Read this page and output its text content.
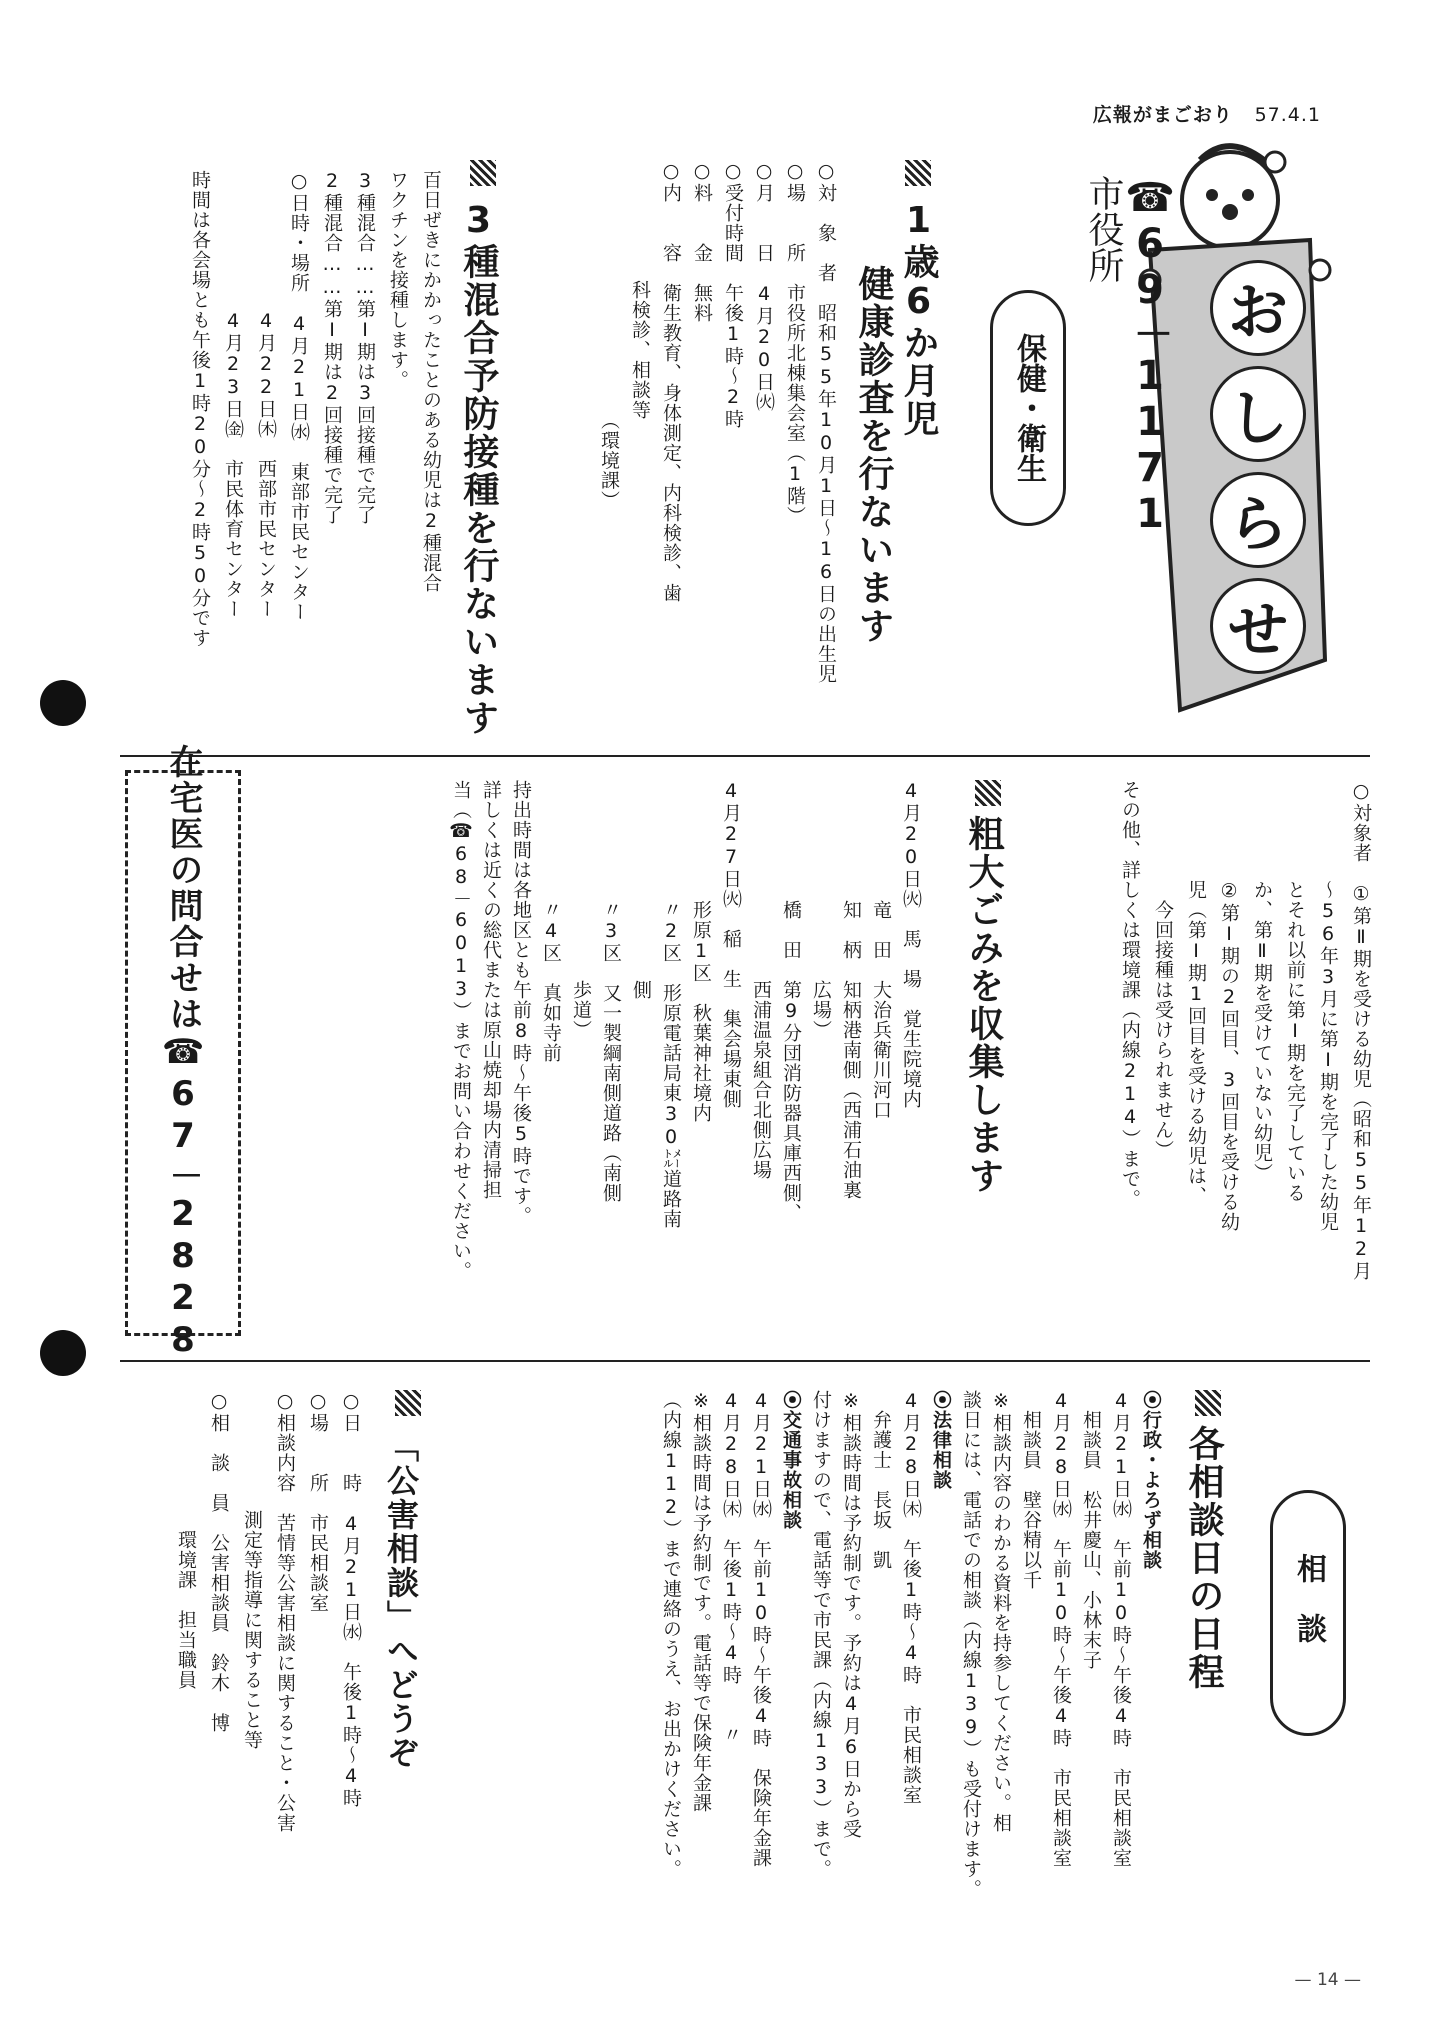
広報がまごおり 57.4.1
お
し
ら
せ
市役所 ☎69－1171
保健・衛生
1歳6か月児
健康診査を行ないます
○対　象　者　昭和55年10月1日～16日の出生児
○場　　所　市役所北棟集会室（1階）
○月　　日　4月20日㈫
○受付時間　午後1時～2時
○料　　金　無料
○内　　容　衛生教育、身体測定、内科検診、歯
　　　　　　科検診、相談等
　　　　　　　　　　　　　（環境課）
3種混合予防接種を行ないます
百日ぜきにかかったことのある幼児は2種混合
ワクチンを接種します。
3種混合……第Ⅰ期は3回接種で完了
2種混合……第Ⅰ期は2回接種で完了
○日時・場所　4月21日㈬　東部市民センター
　　　　　　　4月22日㈭　西部市民センター
　　　　　　　4月23日㈮　市民体育センター
時間は各会場とも午後1時20分～2時50分です
○対象者　①第Ⅱ期を受ける幼児（昭和55年12月
　　　　　～56年3月に第Ⅰ期を完了した幼児
　　　　　とそれ以前に第Ⅰ期を完了している
　　　　　か、第Ⅱ期を受けていない幼児）
　　　　　②第Ⅰ期の2回目、3回目を受ける幼
　　　　　児（第Ⅰ期1回目を受ける幼児は、
　　　　　　今回接種は受けられません）
その他、詳しくは環境課（内線214）まで。
粗大ごみを収集します
4月20日㈫　馬　場　覚生院境内
　　　　　　竜　田　大治兵衛川河口
　　　　　　知　柄　知柄港南側（西浦石油裏
　　　　　　　　　　広場）
　　　　　　橋　田　第9分団消防器具庫西側、
　　　　　　　　　　西浦温泉組合北側広場
4月27日㈫　稲　生　集会場東側
　　　　　　形原1区　秋葉神社境内
　　　　　　〃2区　形原電話局東30㍍道路南
　　　　　　　　　　側
　　　　　　〃3区　又一製綱南側道路（南側
　　　　　　　　　　歩道）
　　　　　　〃4区　真如寺前
持出時間は各地区とも午前8時～午後5時です。
詳しくは近くの総代または原山焼却場内清掃担
当（☎68－6013）までお問い合わせください。
在宅医の問合せは☎67－2828
相談
各相談日の日程
⦿行政・よろず相談
4月21日㈬　午前10時～午後4時　市民相談室
　相談員　松井慶山、小林末子
4月28日㈬　午前10時～午後4時　市民相談室
　相談員　壁谷精以千
※相談内容のわかる資料を持参してください。相
談日には、電話での相談（内線139）も受付けます。
⦿法律相談
4月28日㈭　午後1時～4時　市民相談室
　弁護士　長坂　凱
※相談時間は予約制です。予約は4月6日から受
付けますので、電話等で市民課（内線133）まで。
⦿交通事故相談
4月21日㈬　午前10時～午後4時　保険年金課
4月28日㈭　午後1時～4時　　〃
※相談時間は予約制です。電話等で保険年金課
（内線112）まで連絡のうえ、お出かけください。
「公害相談」へどうぞ
○日　　時　4月21日㈬　午後1時～4時
○場　　所　市民相談室
○相談内容　苦情等公害相談に関すること・公害
　　　　　　測定等指導に関すること等
○相　談　員　公害相談員　鈴木　博
　　　　　　　環境課　担当職員
— 14 —
